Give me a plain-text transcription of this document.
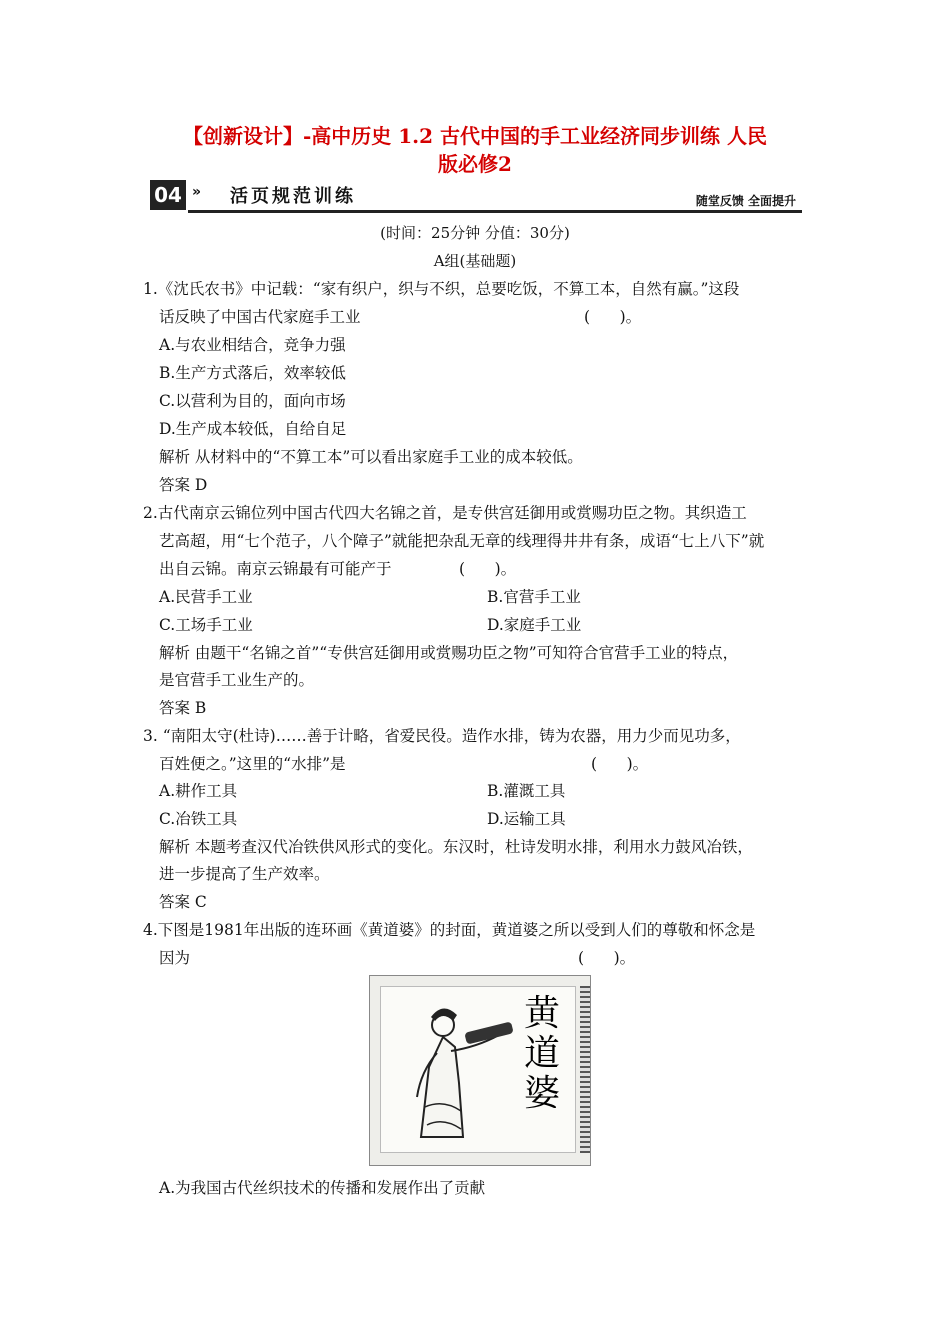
【创新设计】-高中历史 1.2 古代中国的手工业经济同步训练 人民
版必修2
04 » 活页规范训练	随堂反馈 全面提升
(时间：25分钟 分值：30分)
A组(基础题)
1.《沈氏农书》中记载：“家有织户，织与不织，总要吃饭，不算工本，自然有赢。”这段
话反映了中国古代家庭手工业	(      )。
A.与农业相结合，竞争力强
B.生产方式落后，效率较低
C.以营利为目的，面向市场
D.生产成本较低，自给自足
解析 从材料中的“不算工本”可以看出家庭手工业的成本较低。
答案 D
2.古代南京云锦位列中国古代四大名锦之首，是专供宫廷御用或赏赐功臣之物。其织造工
艺高超，用“七个范子，八个障子”就能把杂乱无章的线理得井井有条，成语“七上八下”就
出自云锦。南京云锦最有可能产于	(      )。
A.民营手工业	B.官营手工业
C.工场手工业	D.家庭手工业
解析 由题干“名锦之首”“专供宫廷御用或赏赐功臣之物”可知符合官营手工业的特点，
是官营手工业生产的。
答案 B
3. “南阳太守(杜诗)……善于计略，省爱民役。造作水排，铸为农器，用力少而见功多，
百姓便之。”这里的“水排”是	(      )。
A.耕作工具	B.灌溉工具
C.冶铁工具	D.运输工具
解析 本题考查汉代冶铁供风形式的变化。东汉时，杜诗发明水排，利用水力鼓风冶铁，
进一步提高了生产效率。
答案 C
4.下图是1981年出版的连环画《黄道婆》的封面，黄道婆之所以受到人们的尊敬和怀念是
因为	(      )。
黄道婆
A.为我国古代丝织技术的传播和发展作出了贡献
